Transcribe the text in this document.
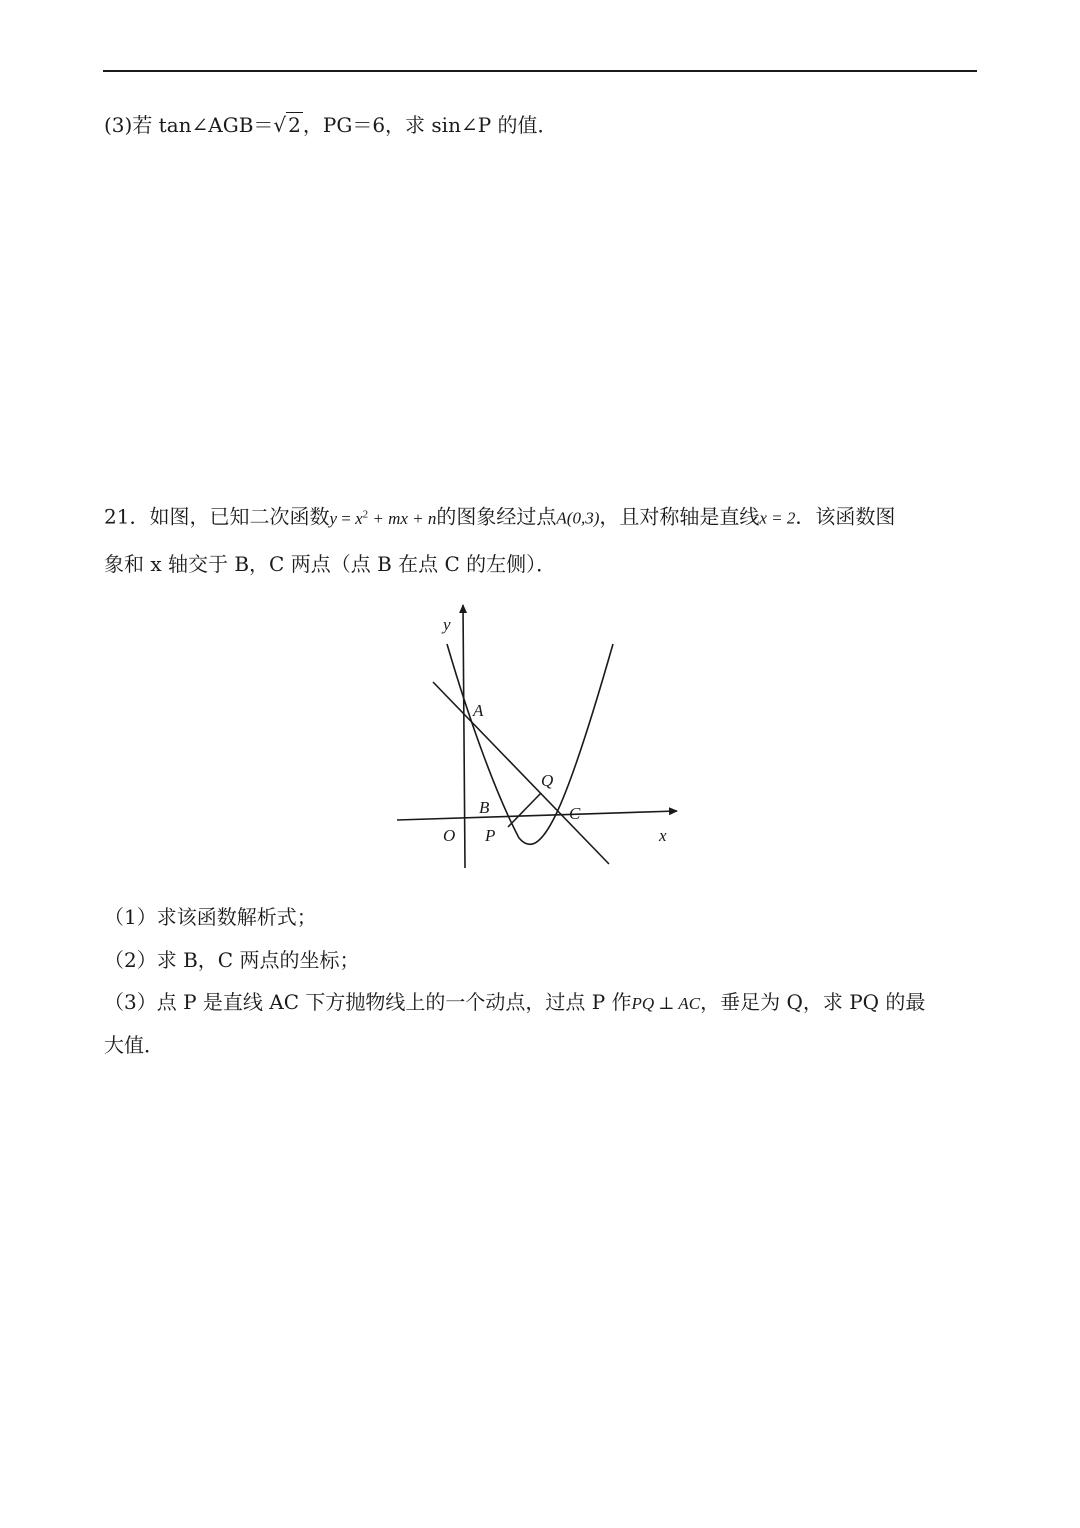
(3)若 tan∠AGB＝√ 2 ，PG＝6，求 sin∠P 的值．
21．如图，已知二次函数$y = x^2$ + mx + n的图象经过点A(0,3)，且对称轴是直线x = 2．该函数图
象和 x 轴交于 B，C 两点（点 B 在点 C 的左侧）．
y
A
Q
B	C
O P	x
（1）求该函数解析式；
（2）求 B，C 两点的坐标；
（3）点 P 是直线 AC 下方抛物线上的一个动点，过点 P 作PQ ⊥ AC，垂足为 Q，求 PQ 的最
大值．
